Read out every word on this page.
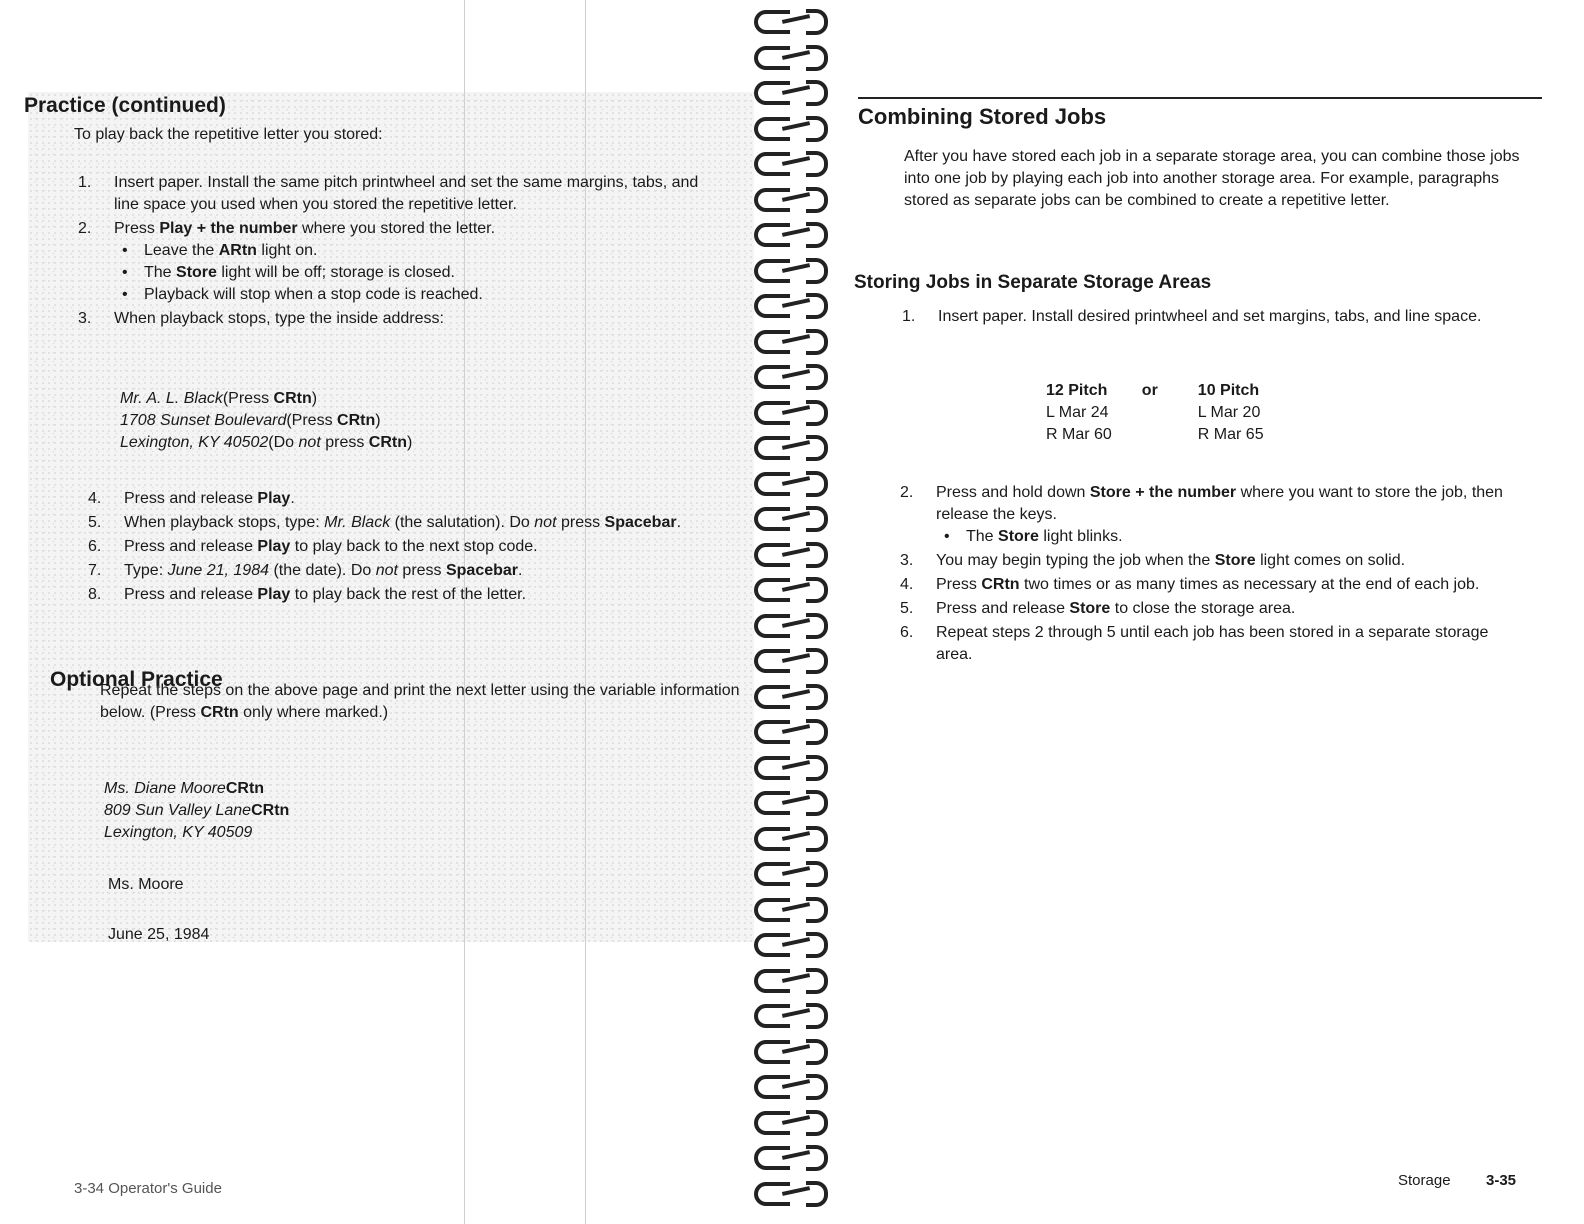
Practice (continued)

To play back the repetitive letter you stored:

1. Insert paper. Install the same pitch printwheel and set the same margins, tabs, and line space you used when you stored the repetitive letter.
2. Press Play + the number where you stored the letter.
• Leave the ARtn light on.
• The Store light will be off; storage is closed.
• Playback will stop when a stop code is reached.
3. When playback stops, type the inside address:
Mr. A. L. Black(Press CRtn)
1708 Sunset Boulevard(Press CRtn)
Lexington, KY 40502(Do not press CRtn)
4. Press and release Play.
5. When playback stops, type: Mr. Black (the salutation). Do not press Spacebar.
6. Press and release Play to play back to the next stop code.
7. Type: June 21, 1984 (the date). Do not press Spacebar.
8. Press and release Play to play back the rest of the letter.
Optional Practice

Repeat the steps on the above page and print the next letter using the variable information below. (Press CRtn only where marked.)

Ms. Diane MooreCRtn
809 Sun Valley LaneCRtn
Lexington, KY 40509

Ms. Moore

June 25, 1984

3-34 Operator's Guide
Combining Stored Jobs

After you have stored each job in a separate storage area, you can combine those jobs into one job by playing each job into another storage area. For example, paragraphs stored as separate jobs can be combined to create a repetitive letter.

Storing Jobs in Separate Storage Areas
1. Insert paper. Install desired printwheel and set margins, tabs, and line space.
12 Pitch	or	10 Pitch
L Mar 24		L Mar 20
R Mar 60		R Mar 65
2. Press and hold down Store + the number where you want to store the job, then release the keys.
• The Store light blinks.
3. You may begin typing the job when the Store light comes on solid.
4. Press CRtn two times or as many times as necessary at the end of each job.
5. Press and release Store to close the storage area.
6. Repeat steps 2 through 5 until each job has been stored in a separate storage area.
Storage 3-35
